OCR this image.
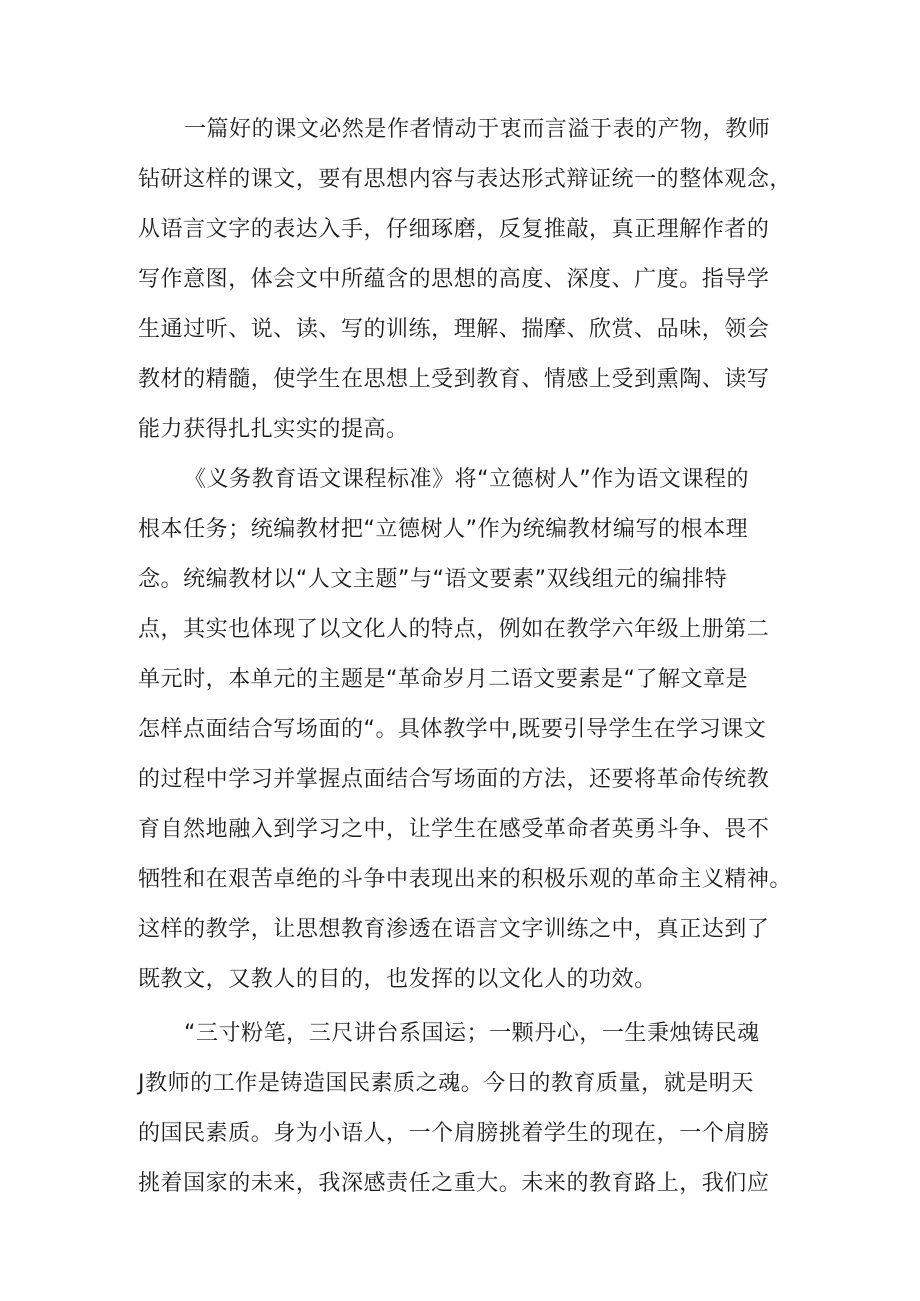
一篇好的课文必然是作者情动于衷而言溢于表的产物，教师
钻研这样的课文，要有思想内容与表达形式辩证统一的整体观念，
从语言文字的表达入手，仔细琢磨，反复推敲，真正理解作者的
写作意图，体会文中所蕴含的思想的高度、深度、广度。指导学
生通过听、说、读、写的训练，理解、揣摩、欣赏、品味，领会
教材的精髓，使学生在思想上受到教育、情感上受到熏陶、读写
能力获得扎扎实实的提高。
《义务教育语文课程标准》将“立德树人”作为语文课程的
根本任务；统编教材把“立德树人”作为统编教材编写的根本理
念。统编教材以“人文主题”与“语文要素”双线组元的编排特
点，其实也体现了以文化人的特点，例如在教学六年级上册第二
单元时，本单元的主题是“革命岁月二语文要素是“了解文章是
怎样点面结合写场面的“。具体教学中,既要引导学生在学习课文
的过程中学习并掌握点面结合写场面的方法，还要将革命传统教
育自然地融入到学习之中，让学生在感受革命者英勇斗争、畏不
牺牲和在艰苦卓绝的斗争中表现出来的积极乐观的革命主义精神。
这样的教学，让思想教育渗透在语言文字训练之中，真正达到了
既教文，又教人的目的，也发挥的以文化人的功效。
“三寸粉笔，三尺讲台系国运；一颗丹心，一生秉烛铸民魂
J教师的工作是铸造国民素质之魂。今日的教育质量，就是明天
的国民素质。身为小语人，一个肩膀挑着学生的现在，一个肩膀
挑着国家的未来，我深感责任之重大。未来的教育路上，我们应
